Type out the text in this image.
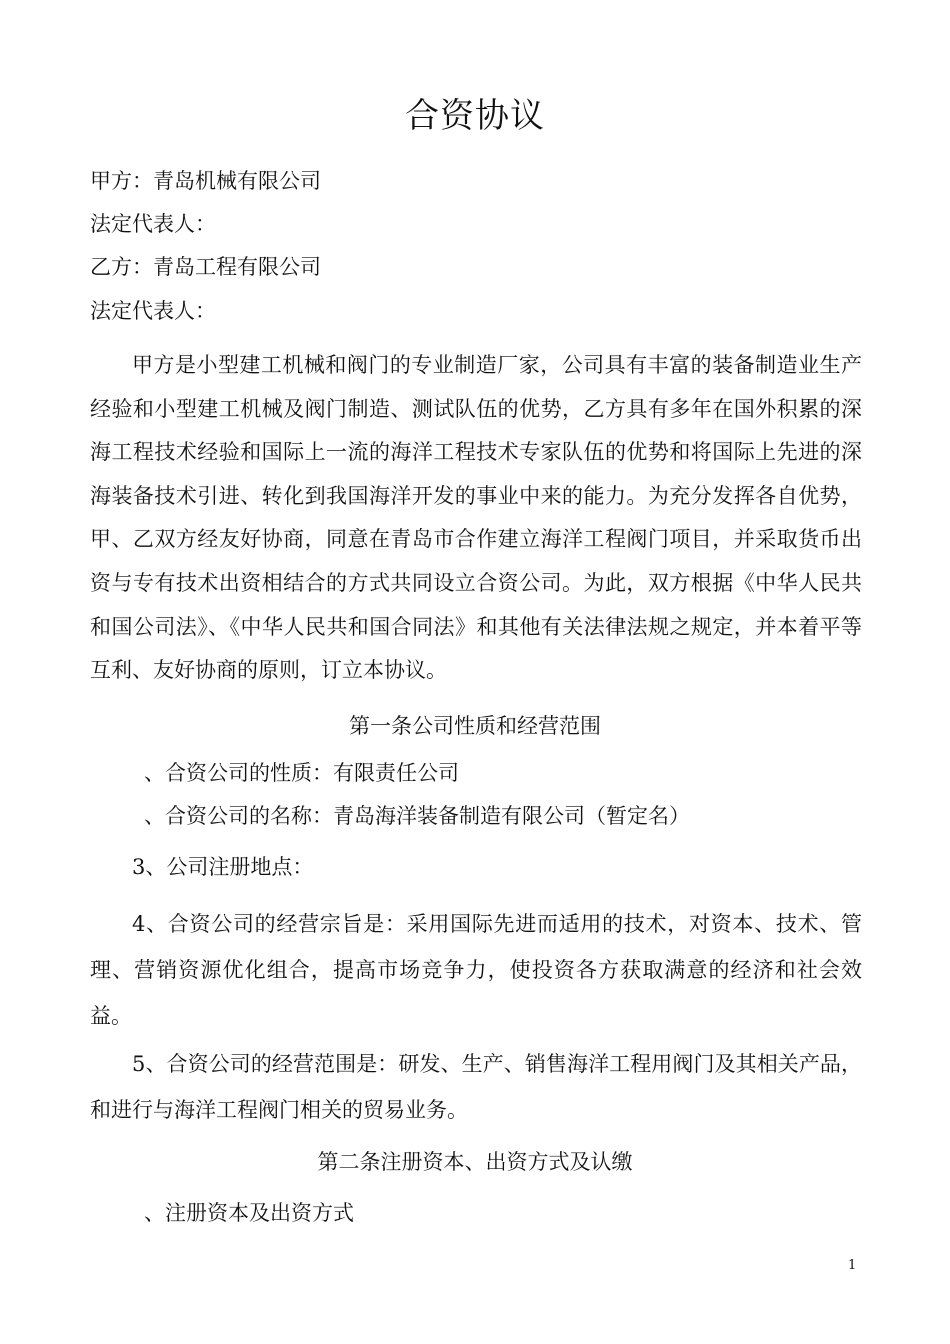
合资协议
甲方：青岛机械有限公司
法定代表人：
乙方：青岛工程有限公司
法定代表人：
甲方是小型建工机械和阀门的专业制造厂家，公司具有丰富的装备制造业生产经验和小型建工机械及阀门制造、测试队伍的优势，乙方具有多年在国外积累的深海工程技术经验和国际上一流的海洋工程技术专家队伍的优势和将国际上先进的深海装备技术引进、转化到我国海洋开发的事业中来的能力。为充分发挥各自优势，甲、乙双方经友好协商，同意在青岛市合作建立海洋工程阀门项目，并采取货币出资与专有技术出资相结合的方式共同设立合资公司。为此，双方根据《中华人民共和国公司法》、《中华人民共和国合同法》和其他有关法律法规之规定，并本着平等互利、友好协商的原则，订立本协议。
第一条公司性质和经营范围
、合资公司的性质：有限责任公司
、合资公司的名称：青岛海洋装备制造有限公司（暂定名）
3、公司注册地点：
4、合资公司的经营宗旨是：采用国际先进而适用的技术，对资本、技术、管理、营销资源优化组合，提高市场竞争力，使投资各方获取满意的经济和社会效益。
5、合资公司的经营范围是：研发、生产、销售海洋工程用阀门及其相关产品，和进行与海洋工程阀门相关的贸易业务。
第二条注册资本、出资方式及认缴
、注册资本及出资方式
1
